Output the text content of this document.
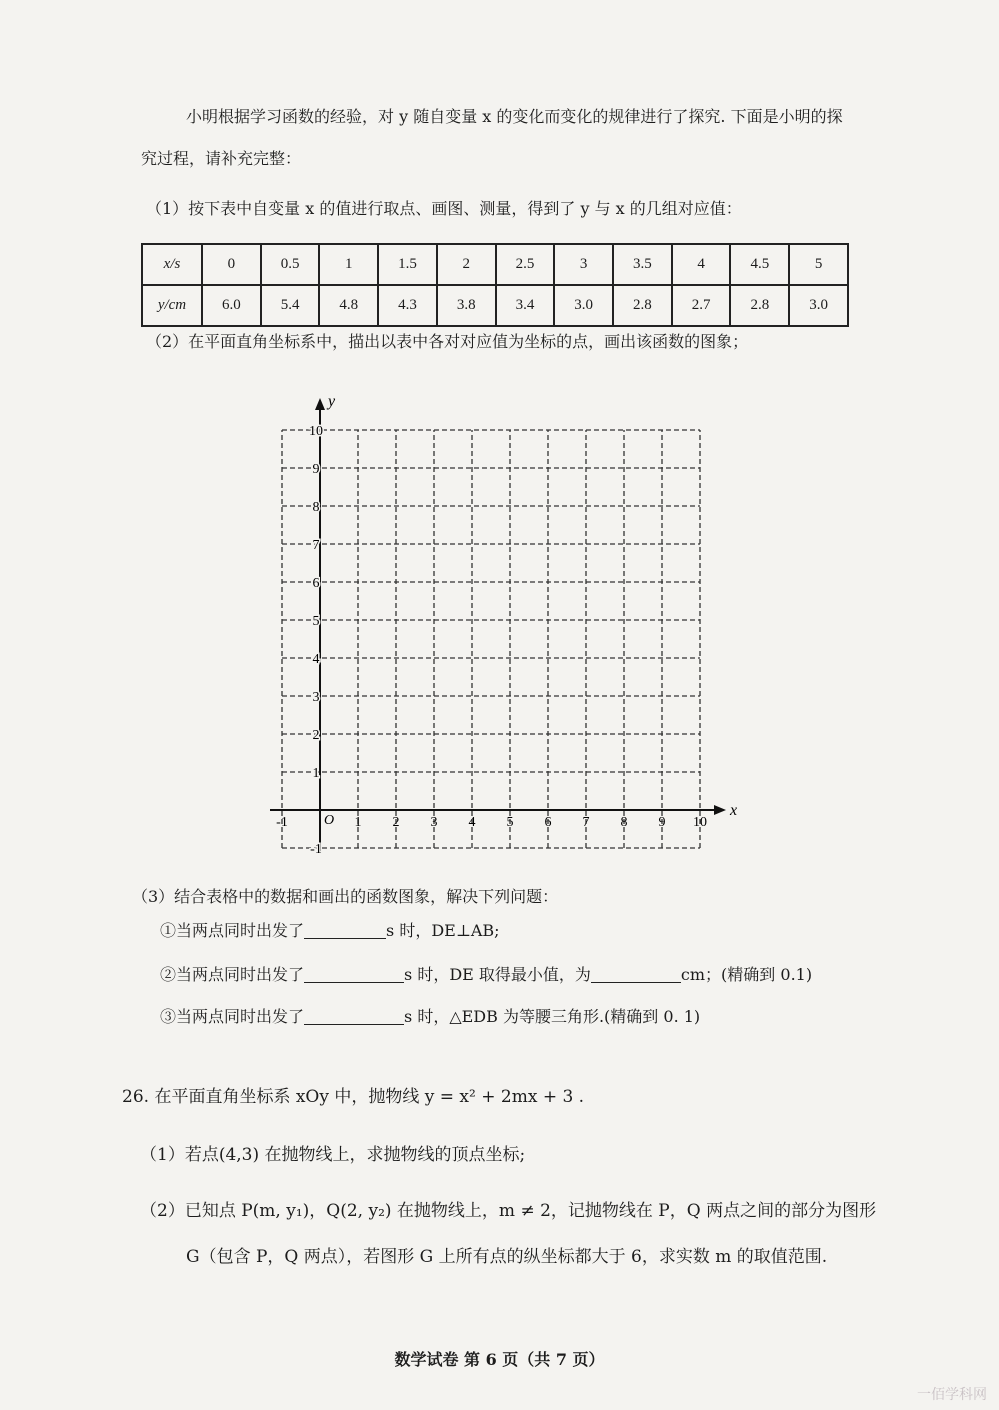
小明根据学习函数的经验，对 y 随自变量 x 的变化而变化的规律进行了探究. 下面是小明的探
究过程，请补充完整：
（1）按下表中自变量 x 的值进行取点、画图、测量，得到了 y 与 x 的几组对应值：
x/s	0	0.5	1	1.5	2	2.5	3	3.5	4	4.5	5
y/cm	6.0	5.4	4.8	4.3	3.8	3.4	3.0	2.8	2.7	2.8	3.0
（2）在平面直角坐标系中，描出以表中各对对应值为坐标的点，画出该函数的图象；
x
y
O
-1	1 2 3 4 5 6 7 8 9 10
-1
1
2
3
4
5
6
7
8
9
10
（3）结合表格中的数据和画出的函数图象，解决下列问题：
①当两点同时出发了	s 时，DE⊥AB;
②当两点同时出发了	s 时，DE 取得最小值，为	cm；(精确到 0.1)
③当两点同时出发了	s 时，△EDB 为等腰三角形.(精确到 0. 1)
26. 在平面直角坐标系 xOy 中，抛物线 y = x² + 2mx + 3 .
（1）若点(4,3) 在抛物线上，求抛物线的顶点坐标;
（2）已知点 P(m, y₁)，Q(2, y₂) 在抛物线上，m ≠ 2，记抛物线在 P，Q 两点之间的部分为图形
G（包含 P，Q 两点），若图形 G 上所有点的纵坐标都大于 6，求实数 m 的取值范围.
数学试卷 第 6 页（共 7 页）
一佰学科网
